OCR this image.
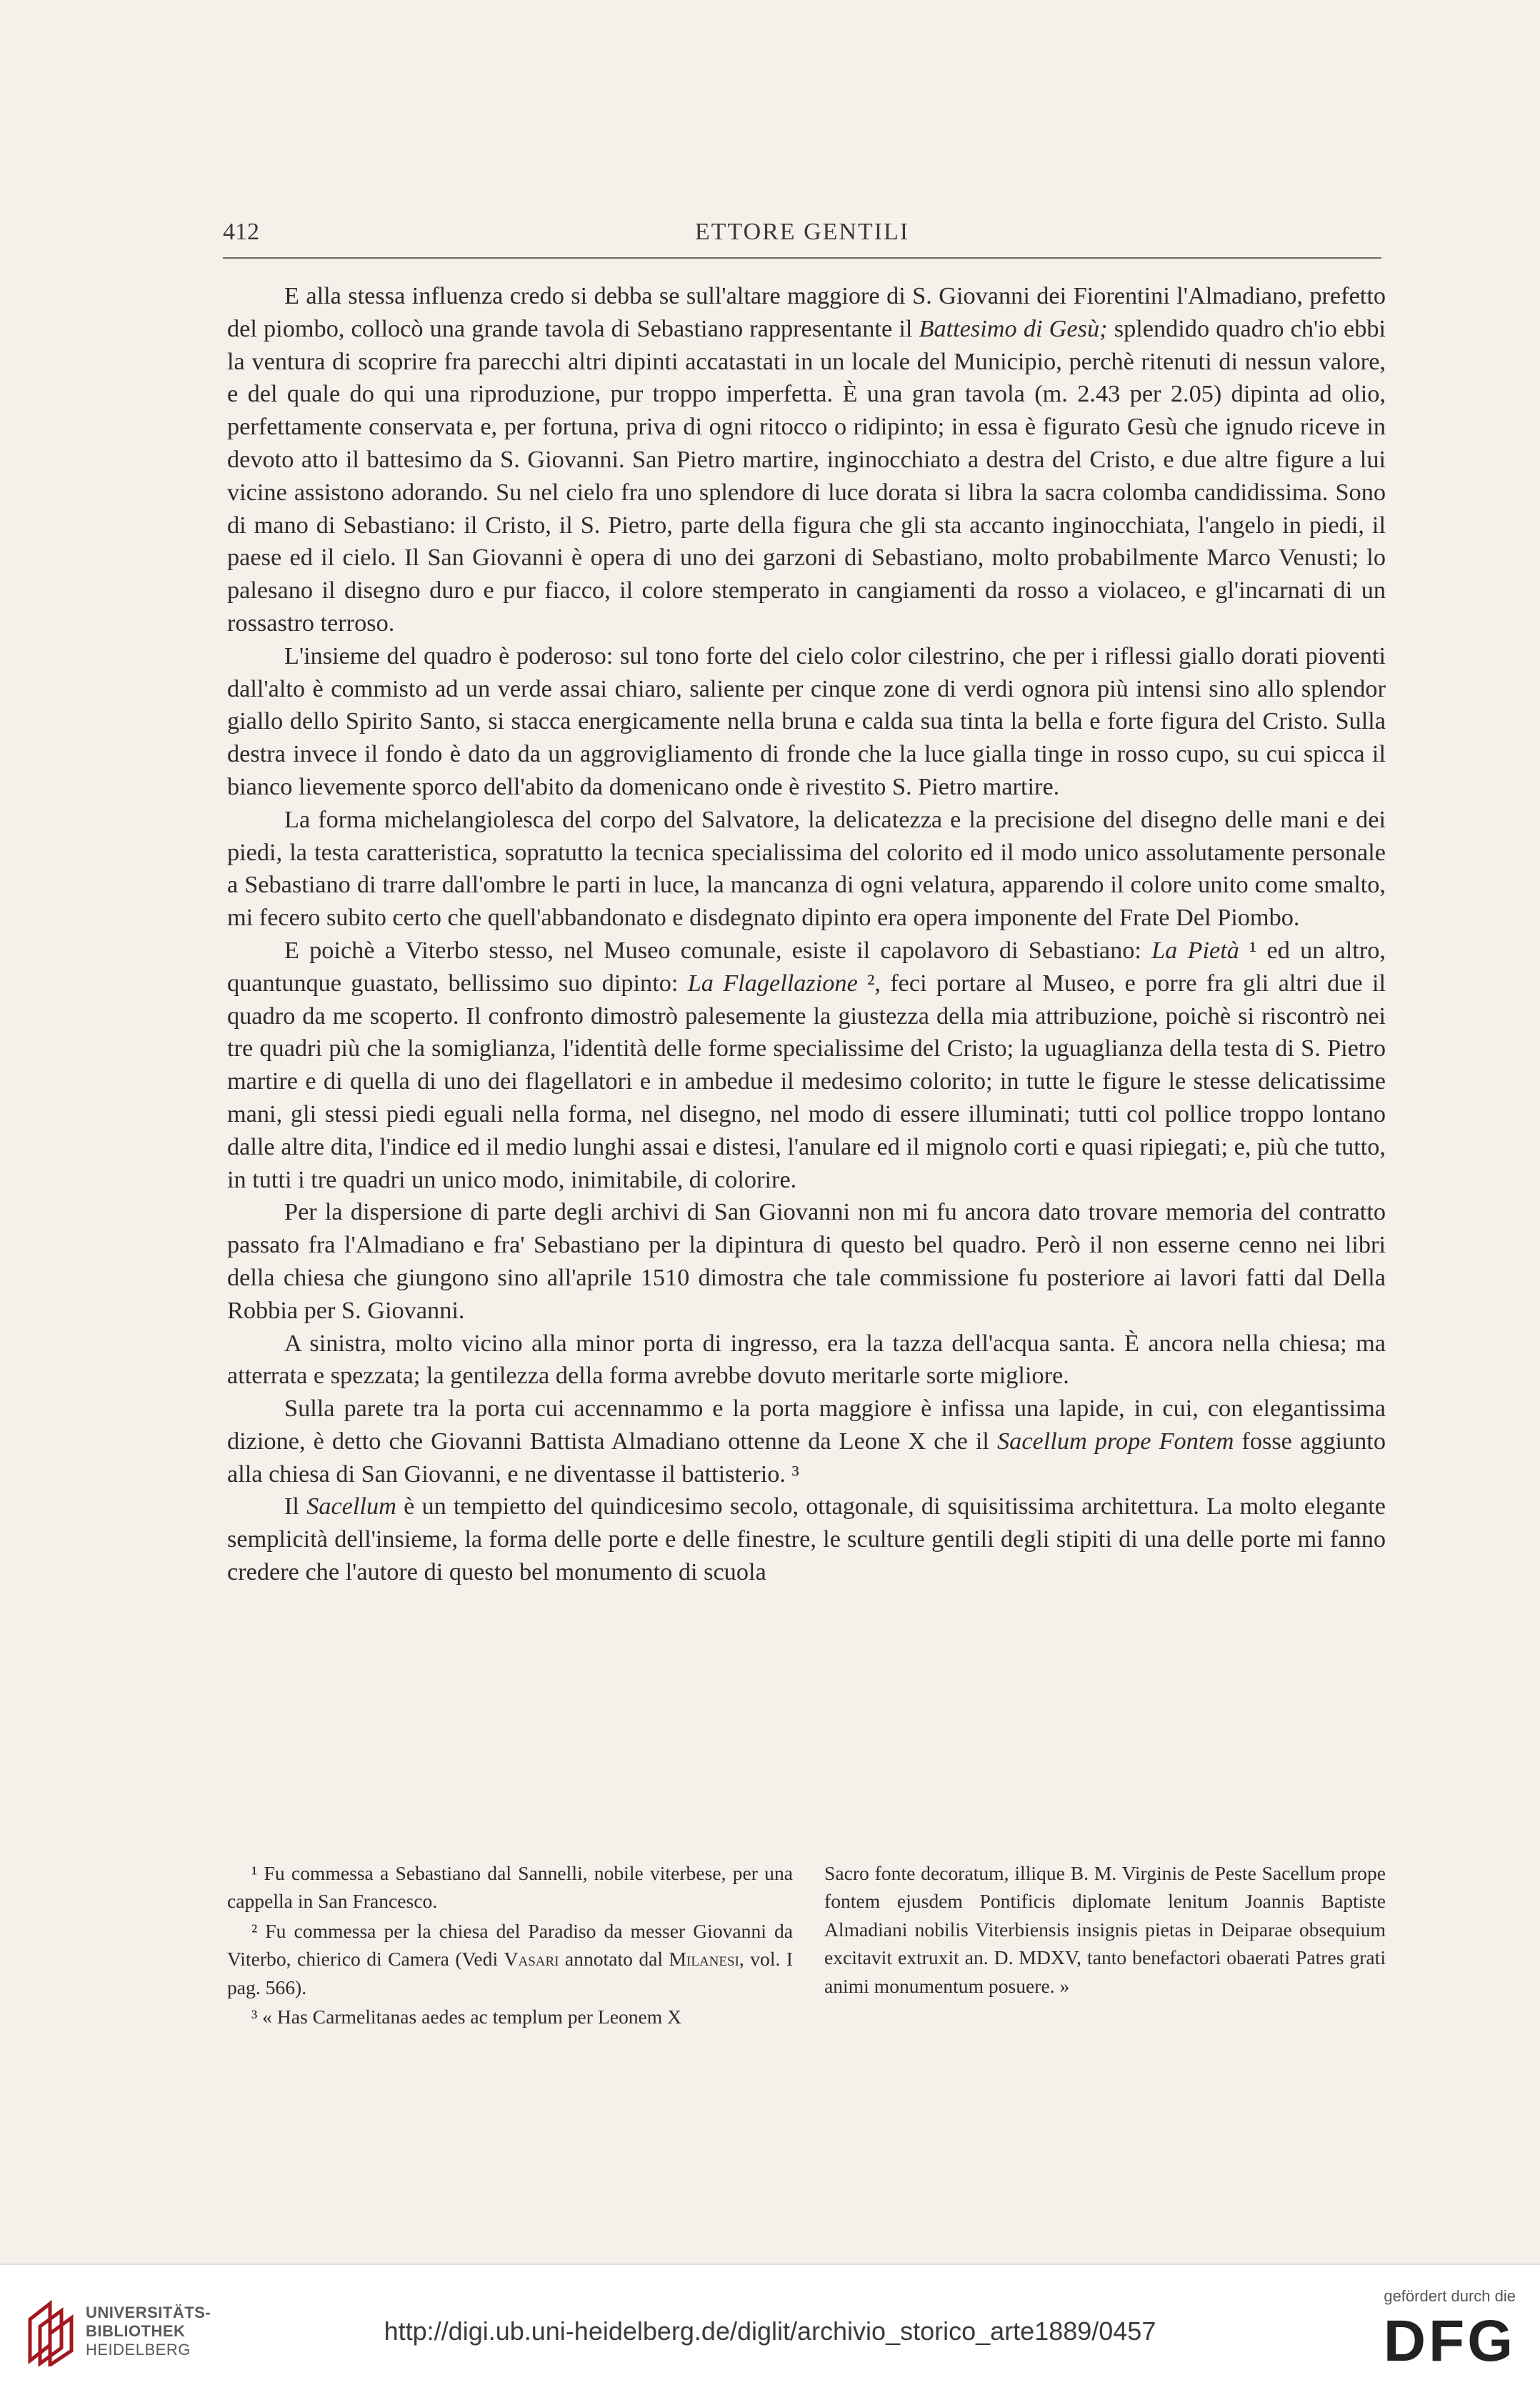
412	ETTORE GENTILI

E alla stessa influenza credo si debba se sull'altare maggiore di S. Giovanni dei Fiorentini l'Almadiano, prefetto del piombo, collocò una grande tavola di Sebastiano rappresentante il Battesimo di Gesù; splendido quadro ch'io ebbi la ventura di scoprire fra parecchi altri dipinti accatastati in un locale del Municipio, perchè ritenuti di nessun valore, e del quale do qui una riproduzione, pur troppo imperfetta. È una gran tavola (m. 2.43 per 2.05) dipinta ad olio, perfettamente conservata e, per fortuna, priva di ogni ritocco o ridipinto; in essa è figurato Gesù che ignudo riceve in devoto atto il battesimo da S. Giovanni. San Pietro martire, inginocchiato a destra del Cristo, e due altre figure a lui vicine assistono adorando. Su nel cielo fra uno splendore di luce dorata si libra la sacra colomba candidissima. Sono di mano di Sebastiano: il Cristo, il S. Pietro, parte della figura che gli sta accanto inginocchiata, l'angelo in piedi, il paese ed il cielo. Il San Giovanni è opera di uno dei garzoni di Sebastiano, molto probabilmente Marco Venusti; lo palesano il disegno duro e pur fiacco, il colore stemperato in cangiamenti da rosso a violaceo, e gl'incarnati di un rossastro terroso.

L'insieme del quadro è poderoso: sul tono forte del cielo color cilestrino, che per i riflessi giallo dorati pioventi dall'alto è commisto ad un verde assai chiaro, saliente per cinque zone di verdi ognora più intensi sino allo splendor giallo dello Spirito Santo, si stacca energicamente nella bruna e calda sua tinta la bella e forte figura del Cristo. Sulla destra invece il fondo è dato da un aggrovigliamento di fronde che la luce gialla tinge in rosso cupo, su cui spicca il bianco lievemente sporco dell'abito da domenicano onde è rivestito S. Pietro martire.

La forma michelangiolesca del corpo del Salvatore, la delicatezza e la precisione del disegno delle mani e dei piedi, la testa caratteristica, sopratutto la tecnica specialissima del colorito ed il modo unico assolutamente personale a Sebastiano di trarre dall'ombre le parti in luce, la mancanza di ogni velatura, apparendo il colore unito come smalto, mi fecero subito certo che quell'abbandonato e disdegnato dipinto era opera imponente del Frate Del Piombo.

E poichè a Viterbo stesso, nel Museo comunale, esiste il capolavoro di Sebastiano: La Pietà ¹ ed un altro, quantunque guastato, bellissimo suo dipinto: La Flagellazione ², feci portare al Museo, e porre fra gli altri due il quadro da me scoperto. Il confronto dimostrò palesemente la giustezza della mia attribuzione, poichè si riscontrò nei tre quadri più che la somiglianza, l'identità delle forme specialissime del Cristo; la uguaglianza della testa di S. Pietro martire e di quella di uno dei flagellatori e in ambedue il medesimo colorito; in tutte le figure le stesse delicatissime mani, gli stessi piedi eguali nella forma, nel disegno, nel modo di essere illuminati; tutti col pollice troppo lontano dalle altre dita, l'indice ed il medio lunghi assai e distesi, l'anulare ed il mignolo corti e quasi ripiegati; e, più che tutto, in tutti i tre quadri un unico modo, inimitabile, di colorire.

Per la dispersione di parte degli archivi di San Giovanni non mi fu ancora dato trovare memoria del contratto passato fra l'Almadiano e fra' Sebastiano per la dipintura di questo bel quadro. Però il non esserne cenno nei libri della chiesa che giungono sino all'aprile 1510 dimostra che tale commissione fu posteriore ai lavori fatti dal Della Robbia per S. Giovanni.

A sinistra, molto vicino alla minor porta di ingresso, era la tazza dell'acqua santa. È ancora nella chiesa; ma atterrata e spezzata; la gentilezza della forma avrebbe dovuto meritarle sorte migliore.

Sulla parete tra la porta cui accennammo e la porta maggiore è infissa una lapide, in cui, con elegantissima dizione, è detto che Giovanni Battista Almadiano ottenne da Leone X che il Sacellum prope Fontem fosse aggiunto alla chiesa di San Giovanni, e ne diventasse il battisterio. ³

Il Sacellum è un tempietto del quindicesimo secolo, ottagonale, di squisitissima architettura. La molto elegante semplicità dell'insieme, la forma delle porte e delle finestre, le sculture gentili degli stipiti di una delle porte mi fanno credere che l'autore di questo bel monumento di scuola

¹ Fu commessa a Sebastiano dal Sannelli, nobile viterbese, per una cappella in San Francesco.

² Fu commessa per la chiesa del Paradiso da messer Giovanni da Viterbo, chierico di Camera (Vedi Vasari annotato dal Milanesi, vol. I pag. 566).

³ « Has Carmelitanas aedes ac templum per Leonem X

Sacro fonte decoratum, illique B. M. Virginis de Peste Sacellum prope fontem ejusdem Pontificis diplomate lenitum Joannis Baptiste Almadiani nobilis Viterbiensis insignis pietas in Deiparae obsequium excitavit extruxit an. D. MDXV, tanto benefactori obaerati Patres grati animi monumentum posuere. »

UNIVERSITÄTS-
BIBLIOTHEK
HEIDELBERG
http://digi.ub.uni-heidelberg.de/diglit/archivio_storico_arte1889/0457
gefördert durch die
DFG
